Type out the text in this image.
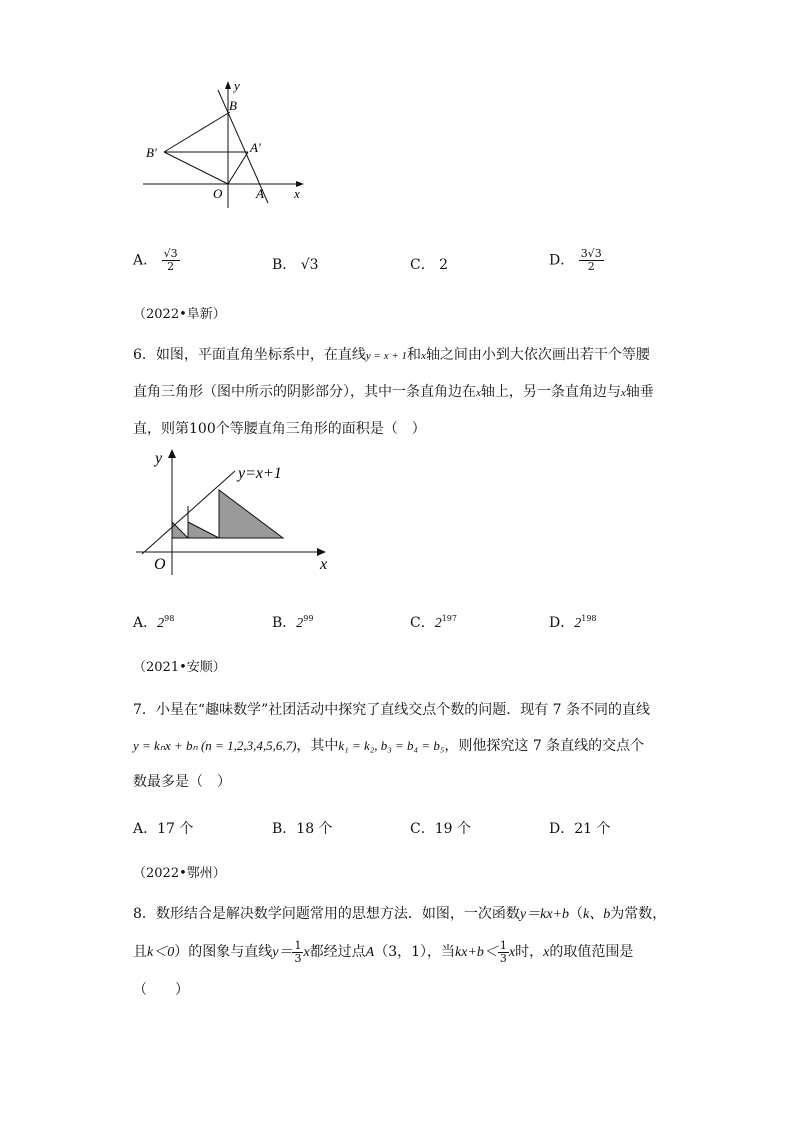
y
x
B
B′	A′
O	A
A． $\frac{√3}{2}$	B． √3	C． 2	D． $\frac{3√3}{2}$
（2022•阜新）
6．如图，平面直角坐标系中，在直线y = x + 1和x轴之间由小到大依次画出若干个等腰
直角三角形（图中所示的阴影部分），其中一条直角边在x轴上，另一条直角边与x轴垂
直，则第100个等腰直角三角形的面积是（　）
y
x
O
y=x+1
A．$2^{98}$	B．$2^{99}$	C．$2^{197}$	D．$2^{198}$
（2021•安顺）
7．小星在“趣味数学”社团活动中探究了直线交点个数的问题．现有 7 条不同的直线
y = kₙx + bₙ (n = 1,2,3,4,5,6,7)，其中k₁ = k₂, b₃ = b₄ = b₅，则他探究这 7 条直线的交点个
数最多是（　）
A．17 个	B．18 个	C．19 个	D．21 个
（2022•鄂州）
8．数形结合是解决数学问题常用的思想方法．如图，一次函数y＝kx+b（k、b为常数，
且k＜0）的图象与直线$y= \frac{1}{3}$ x都经过点A（3，1），当$kx+b< \frac{1}{3}$ x时，x的取值范围是
（　　）
